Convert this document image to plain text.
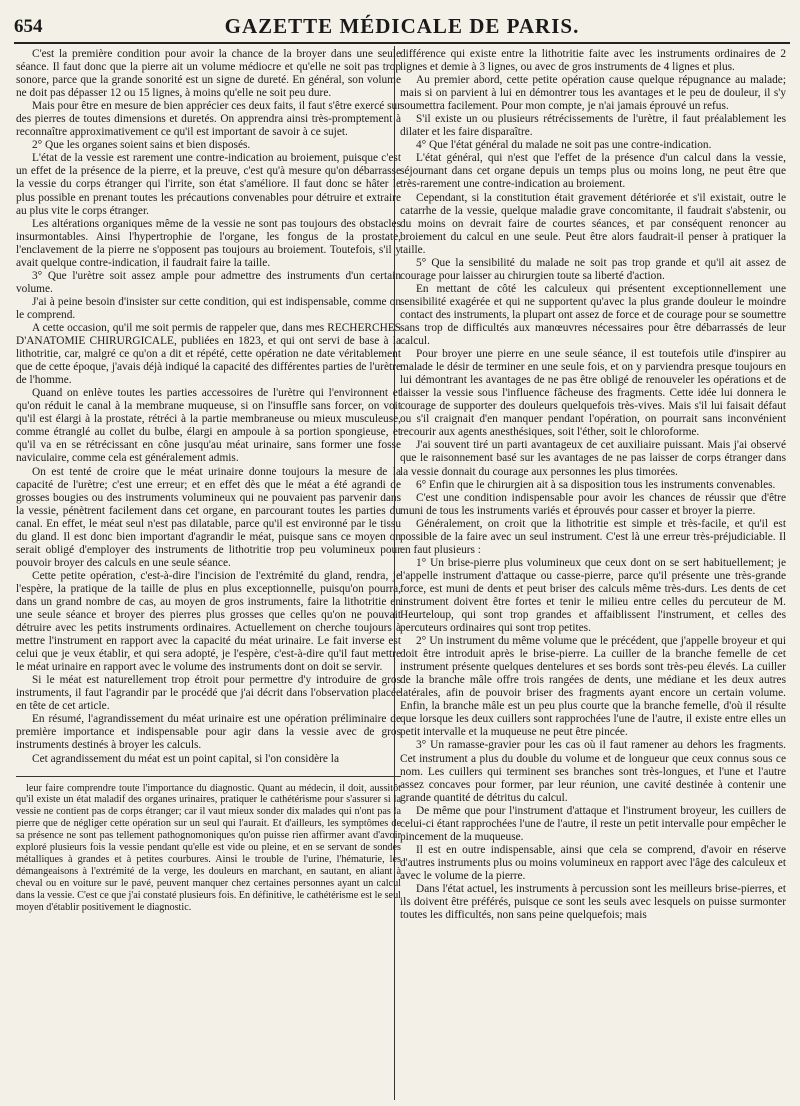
654	GAZETTE MÉDICALE DE PARIS.

C'est la première condition pour avoir la chance de la broyer dans une seule séance. Il faut donc que la pierre ait un volume médiocre et qu'elle ne soit pas trop sonore, parce que la grande sonorité est un signe de dureté. En général, son volume ne doit pas dépasser 12 ou 15 lignes, à moins qu'elle ne soit peu dure.

Mais pour être en mesure de bien apprécier ces deux faits, il faut s'être exercé sur des pierres de toutes dimensions et duretés. On apprendra ainsi très-promptement à reconnaître approximativement ce qu'il est important de savoir à ce sujet.

2° Que les organes soient sains et bien disposés.

L'état de la vessie est rarement une contre-indication au broiement, puisque c'est un effet de la présence de la pierre, et la preuve, c'est qu'à mesure qu'on débarrasse la vessie du corps étranger qui l'irrite, son état s'améliore. Il faut donc se hâter le plus possible en prenant toutes les précautions convenables pour détruire et extraire au plus vite le corps étranger.

Les altérations organiques même de la vessie ne sont pas toujours des obstacles insurmontables. Ainsi l'hypertrophie de l'organe, les fongus de la prostate, l'enclavement de la pierre ne s'opposent pas toujours au broiement. Toutefois, s'il y avait quelque contre-indication, il faudrait faire la taille.

3° Que l'urètre soit assez ample pour admettre des instruments d'un certain volume.

J'ai à peine besoin d'insister sur cette condition, qui est indispensable, comme on le comprend.

A cette occasion, qu'il me soit permis de rappeler que, dans mes RECHERCHES D'ANATOMIE CHIRURGICALE, publiées en 1823, et qui ont servi de base à la lithotritie, car, malgré ce qu'on a dit et répété, cette opération ne date véritablement que de cette époque, j'avais déjà indiqué la capacité des différentes parties de l'urètre de l'homme.

Quand on enlève toutes les parties accessoires de l'urètre qui l'environnent et qu'on réduit le canal à la membrane muqueuse, si on l'insuffle sans forcer, on voit qu'il est élargi à la prostate, rétréci à la partie membraneuse ou mieux musculeuse, comme étranglé au collet du bulbe, élargi en ampoule à sa portion spongieuse, et qu'il va en se rétrécissant en cône jusqu'au méat urinaire, sans former une fosse naviculaire, comme cela est généralement admis.

On est tenté de croire que le méat urinaire donne toujours la mesure de la capacité de l'urètre; c'est une erreur; et en effet dès que le méat a été agrandi de grosses bougies ou des instruments volumineux qui ne pouvaient pas parvenir dans la vessie, pénètrent facilement dans cet organe, en parcourant toutes les parties du canal. En effet, le méat seul n'est pas dilatable, parce qu'il est environné par le tissu du gland. Il est donc bien important d'agrandir le méat, puisque sans ce moyen on serait obligé d'employer des instruments de lithotritie trop peu volumineux pour pouvoir broyer des calculs en une seule séance.

Cette petite opération, c'est-à-dire l'incision de l'extrémité du gland, rendra, je l'espère, la pratique de la taille de plus en plus exceptionnelle, puisqu'on pourra, dans un grand nombre de cas, au moyen de gros instruments, faire la lithotritie en une seule séance et broyer des pierres plus grosses que celles qu'on ne pouvait détruire avec les petits instruments ordinaires. Actuellement on cherche toujours à mettre l'instrument en rapport avec la capacité du méat urinaire. Le fait inverse est celui que je veux établir, et qui sera adopté, je l'espère, c'est-à-dire qu'il faut mettre le méat urinaire en rapport avec le volume des instruments dont on doit se servir.

Si le méat est naturellement trop étroit pour permettre d'y introduire de gros instruments, il faut l'agrandir par le procédé que j'ai décrit dans l'observation placée en tête de cet article.

En résumé, l'agrandissement du méat urinaire est une opération préliminaire de première importance et indispensable pour agir dans la vessie avec de gros instruments destinés à broyer les calculs.

Cet agrandissement du méat est un point capital, si l'on considère la

leur faire comprendre toute l'importance du diagnostic. Quant au médecin, il doit, aussitôt qu'il existe un état maladif des organes urinaires, pratiquer le cathétérisme pour s'assurer si la vessie ne contient pas de corps étranger; car il vaut mieux sonder dix malades qui n'ont pas la pierre que de négliger cette opération sur un seul qui l'aurait. Et d'ailleurs, les symptômes de sa présence ne sont pas tellement pathognomoniques qu'on puisse rien affirmer avant d'avoir exploré plusieurs fois la vessie pendant qu'elle est vide ou pleine, et en se servant de sondes métalliques à grandes et à petites courbures. Ainsi le trouble de l'urine, l'hématurie, les démangeaisons à l'extrémité de la verge, les douleurs en marchant, en sautant, en aliant à cheval ou en voiture sur le pavé, peuvent manquer chez certaines personnes ayant un calcul dans la vessie. C'est ce que j'ai constaté plusieurs fois. En définitive, le cathétérisme est le seul moyen d'établir positivement le diagnostic.

différence qui existe entre la lithotritie faite avec les instruments ordinaires de 2 lignes et demie à 3 lignes, ou avec de gros instruments de 4 lignes et plus.

Au premier abord, cette petite opération cause quelque répugnance au malade; mais si on parvient à lui en démontrer tous les avantages et le peu de douleur, il s'y soumettra facilement. Pour mon compte, je n'ai jamais éprouvé un refus.

S'il existe un ou plusieurs rétrécissements de l'urètre, il faut préalablement les dilater et les faire disparaître.

4° Que l'état général du malade ne soit pas une contre-indication.

L'état général, qui n'est que l'effet de la présence d'un calcul dans la vessie, séjournant dans cet organe depuis un temps plus ou moins long, ne peut être que très-rarement une contre-indication au broiement.

Cependant, si la constitution était gravement détériorée et s'il existait, outre le catarrhe de la vessie, quelque maladie grave concomitante, il faudrait s'abstenir, ou du moins on devrait faire de courtes séances, et par conséquent renoncer au broiement du calcul en une seule. Peut être alors faudrait-il penser à pratiquer la taille.

5° Que la sensibilité du malade ne soit pas trop grande et qu'il ait assez de courage pour laisser au chirurgien toute sa liberté d'action.

En mettant de côté les calculeux qui présentent exceptionnellement une sensibilité exagérée et qui ne supportent qu'avec la plus grande douleur le moindre contact des instruments, la plupart ont assez de force et de courage pour se soumettre sans trop de difficultés aux manœuvres nécessaires pour être débarrassés de leur calcul.

Pour broyer une pierre en une seule séance, il est toutefois utile d'inspirer au malade le désir de terminer en une seule fois, et on y parviendra presque toujours en lui démontrant les avantages de ne pas être obligé de renouveler les opérations et de laisser la vessie sous l'influence fâcheuse des fragments. Cette idée lui donnera le courage de supporter des douleurs quelquefois très-vives. Mais s'il lui faisait défaut ou s'il craignait d'en manquer pendant l'opération, on pourrait sans inconvénient recourir aux agents anesthésiques, soit l'éther, soit le chloroforme.

J'ai souvent tiré un parti avantageux de cet auxiliaire puissant. Mais j'ai observé que le raisonnement basé sur les avantages de ne pas laisser de corps étranger dans la vessie donnait du courage aux personnes les plus timorées.

6° Enfin que le chirurgien ait à sa disposition tous les instruments convenables.

C'est une condition indispensable pour avoir les chances de réussir que d'être muni de tous les instruments variés et éprouvés pour casser et broyer la pierre.

Généralement, on croit que la lithotritie est simple et très-facile, et qu'il est possible de la faire avec un seul instrument. C'est là une erreur très-préjudiciable. Il en faut plusieurs :

1° Un brise-pierre plus volumineux que ceux dont on se sert habituellement; je l'appelle instrument d'attaque ou casse-pierre, parce qu'il présente une très-grande force, est muni de dents et peut briser des calculs même très-durs. Les dents de cet instrument doivent être fortes et tenir le milieu entre celles du percuteur de M. Heurteloup, qui sont trop grandes et affaiblissent l'instrument, et celles des percuteurs ordinaires qui sont trop petites.

2° Un instrument du même volume que le précédent, que j'appelle broyeur et qui doit être introduit après le brise-pierre. La cuiller de la branche femelle de cet instrument présente quelques dentelures et ses bords sont très-peu élevés. La cuiller de la branche mâle offre trois rangées de dents, une médiane et les deux autres latérales, afin de pouvoir briser des fragments ayant encore un certain volume. Enfin, la branche mâle est un peu plus courte que la branche femelle, d'où il résulte que lorsque les deux cuillers sont rapprochées l'une de l'autre, il existe entre elles un petit intervalle et la muqueuse ne peut être pincée.

3° Un ramasse-gravier pour les cas où il faut ramener au dehors les fragments. Cet instrument a plus du double du volume et de longueur que ceux connus sous ce nom. Les cuillers qui terminent ses branches sont très-longues, et l'une et l'autre assez concaves pour former, par leur réunion, une cavité destinée à contenir une grande quantité de détritus du calcul.

De même que pour l'instrument d'attaque et l'instrument broyeur, les cuillers de celui-ci étant rapprochées l'une de l'autre, il reste un petit intervalle pour empêcher le pincement de la muqueuse.

Il est en outre indispensable, ainsi que cela se comprend, d'avoir en réserve d'autres instruments plus ou moins volumineux en rapport avec l'âge des calculeux et avec le volume de la pierre.

Dans l'état actuel, les instruments à percussion sont les meilleurs brise-pierres, et ils doivent être préférés, puisque ce sont les seuls avec lesquels on puisse surmonter toutes les difficultés, non sans peine quelquefois; mais
